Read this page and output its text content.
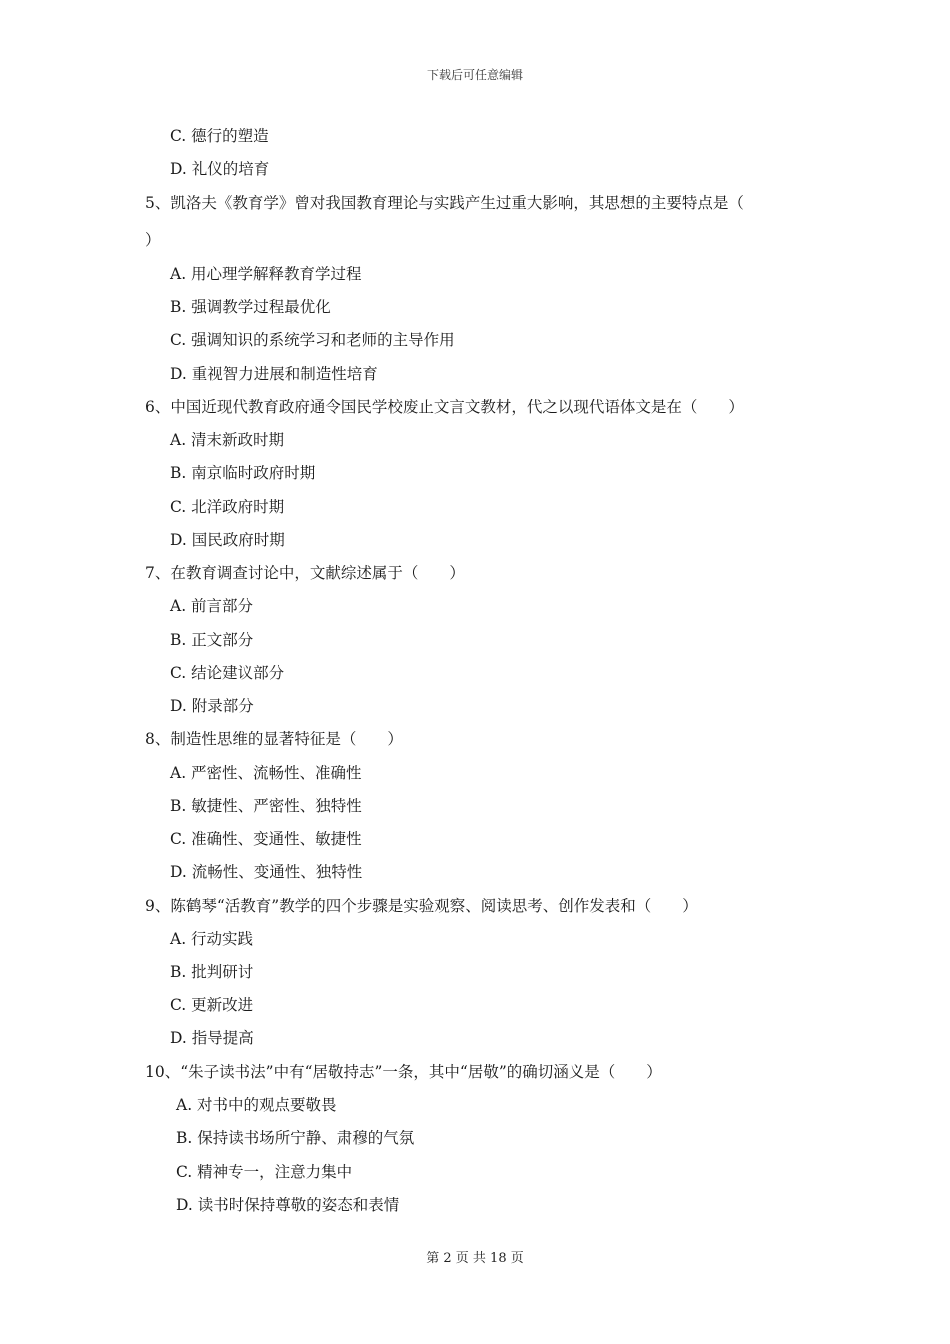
下载后可任意编辑
C. 德行的塑造
D. 礼仪的培育
5、凯洛夫《教育学》曾对我国教育理论与实践产生过重大影响，其思想的主要特点是（
）
A. 用心理学解释教育学过程
B. 强调教学过程最优化
C. 强调知识的系统学习和老师的主导作用
D. 重视智力进展和制造性培育
6、中国近现代教育政府通令国民学校废止文言文教材，代之以现代语体文是在（　　）
A. 清末新政时期
B. 南京临时政府时期
C. 北洋政府时期
D. 国民政府时期
7、在教育调查讨论中，文献综述属于（　　）
A. 前言部分
B. 正文部分
C. 结论建议部分
D. 附录部分
8、制造性思维的显著特征是（　　）
A. 严密性、流畅性、准确性
B. 敏捷性、严密性、独特性
C. 准确性、变通性、敏捷性
D. 流畅性、变通性、独特性
9、陈鹤琴“活教育”教学的四个步骤是实验观察、阅读思考、创作发表和（　　）
A. 行动实践
B. 批判研讨
C. 更新改进
D. 指导提高
10、“朱子读书法”中有“居敬持志”一条，其中“居敬”的确切涵义是（　　）
A. 对书中的观点要敬畏
B. 保持读书场所宁静、肃穆的气氛
C. 精神专一，注意力集中
D. 读书时保持尊敬的姿态和表情
第 2 页 共 18 页
